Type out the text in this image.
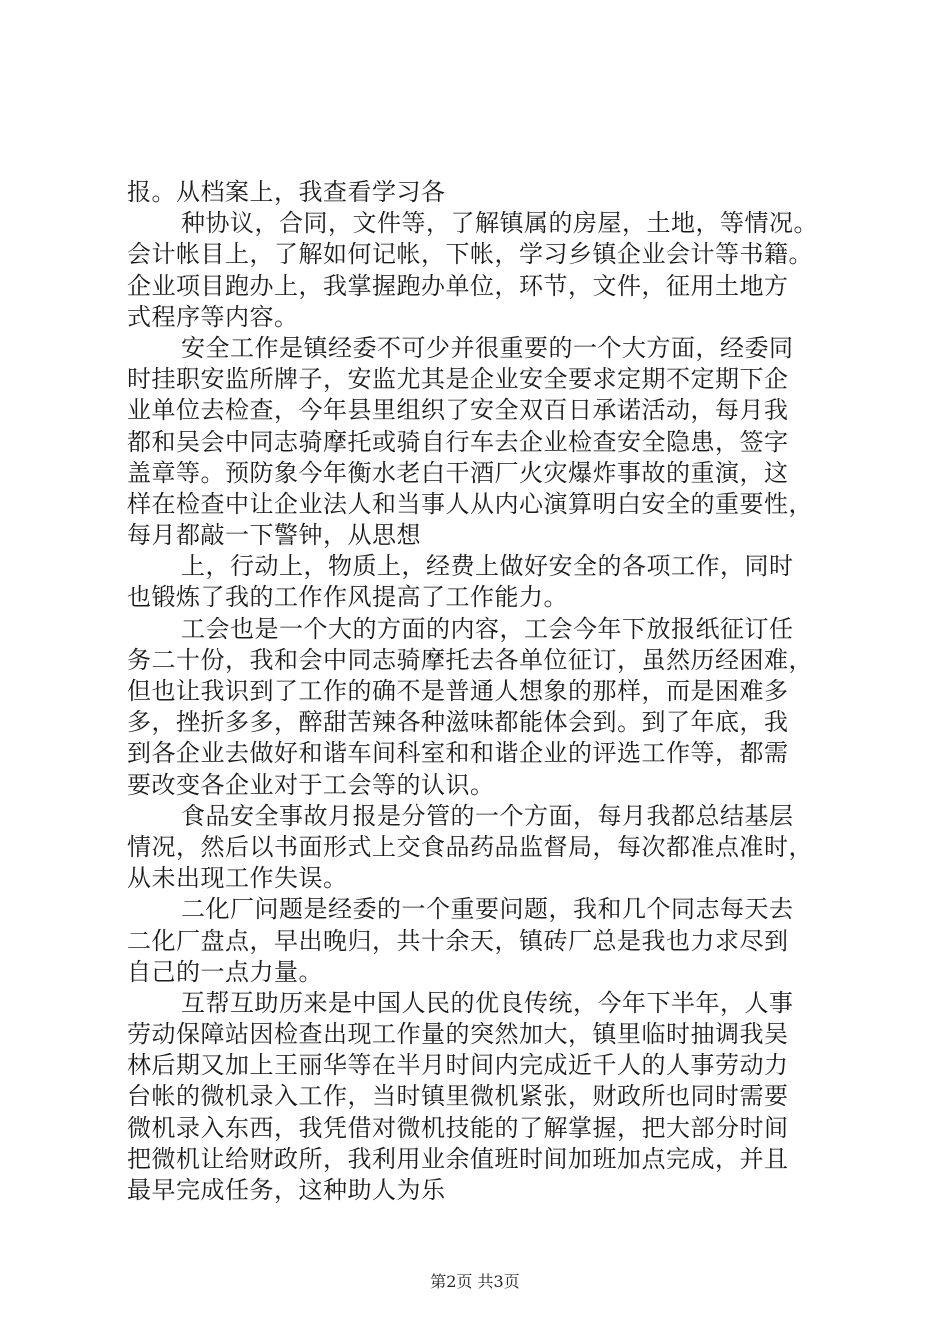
报。从档案上，我查看学习各
种协议，合同，文件等，了解镇属的房屋，土地，等情况。
会计帐目上，了解如何记帐，下帐，学习乡镇企业会计等书籍。
企业项目跑办上，我掌握跑办单位，环节，文件，征用土地方
式程序等内容。
安全工作是镇经委不可少并很重要的一个大方面，经委同
时挂职安监所牌子，安监尤其是企业安全要求定期不定期下企
业单位去检查，今年县里组织了安全双百日承诺活动，每月我
都和吴会中同志骑摩托或骑自行车去企业检查安全隐患，签字
盖章等。预防象今年衡水老白干酒厂火灾爆炸事故的重演，这
样在检查中让企业法人和当事人从内心演算明白安全的重要性，
每月都敲一下警钟，从思想
上，行动上，物质上，经费上做好安全的各项工作，同时
也锻炼了我的工作作风提高了工作能力。
工会也是一个大的方面的内容，工会今年下放报纸征订任
务二十份，我和会中同志骑摩托去各单位征订，虽然历经困难，
但也让我识到了工作的确不是普通人想象的那样，而是困难多
多，挫折多多，醉甜苦辣各种滋味都能体会到。到了年底，我
到各企业去做好和谐车间科室和和谐企业的评选工作等，都需
要改变各企业对于工会等的认识。
食品安全事故月报是分管的一个方面，每月我都总结基层
情况，然后以书面形式上交食品药品监督局，每次都准点准时，
从未出现工作失误。
二化厂问题是经委的一个重要问题，我和几个同志每天去
二化厂盘点，早出晚归，共十余天，镇砖厂总是我也力求尽到
自己的一点力量。
互帮互助历来是中国人民的优良传统，今年下半年，人事
劳动保障站因检查出现工作量的突然加大，镇里临时抽调我吴
林后期又加上王丽华等在半月时间内完成近千人的人事劳动力
台帐的微机录入工作，当时镇里微机紧张，财政所也同时需要
微机录入东西，我凭借对微机技能的了解掌握，把大部分时间
把微机让给财政所，我利用业余值班时间加班加点完成，并且
最早完成任务，这种助人为乐
第2页 共3页
